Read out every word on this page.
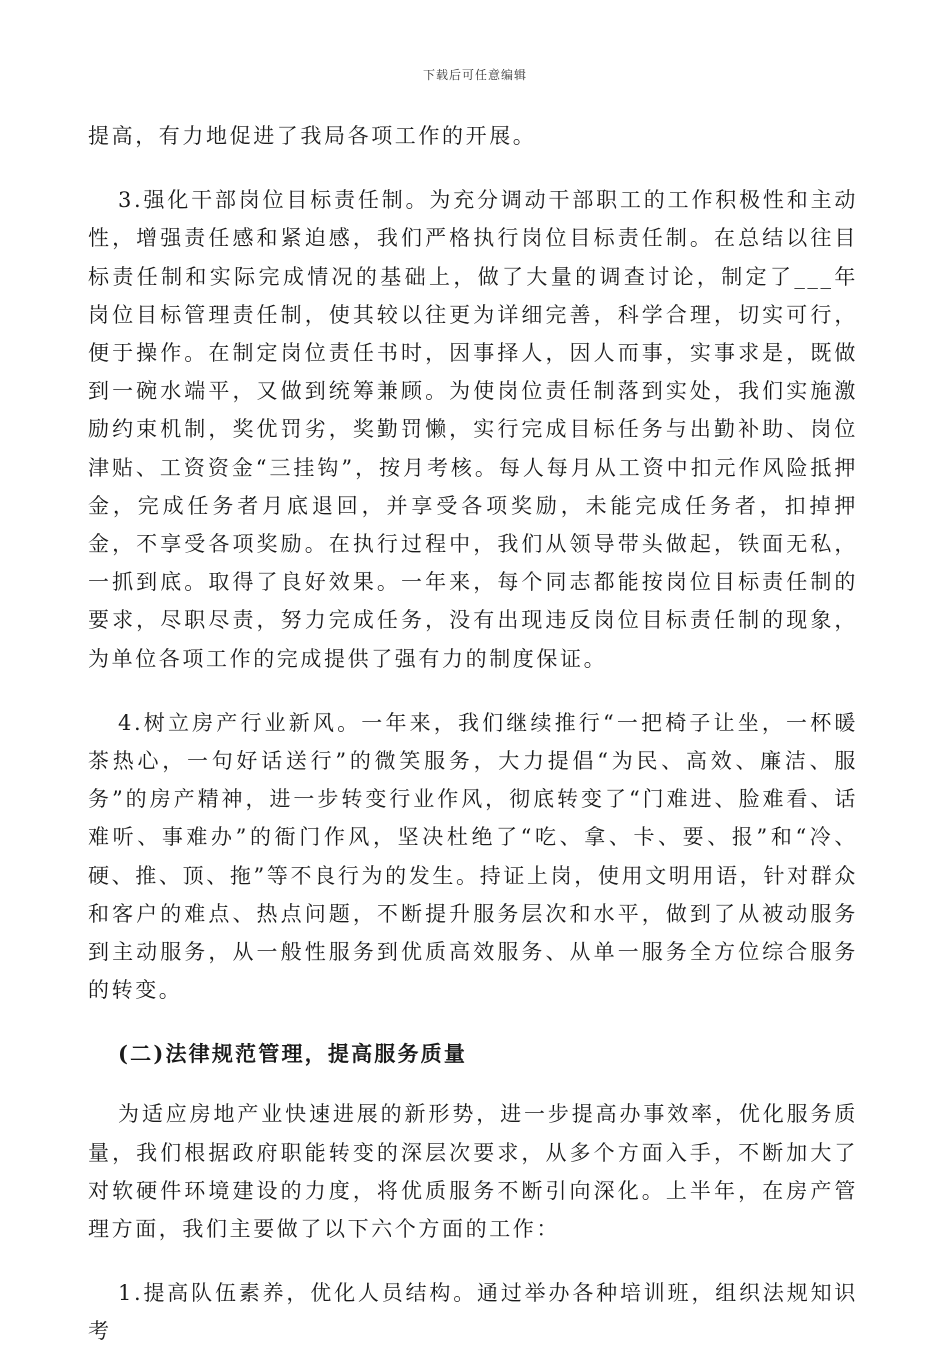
下载后可任意编辑

提高，有力地促进了我局各项工作的开展。

3.强化干部岗位目标责任制。为充分调动干部职工的工作积极性和主动性，增强责任感和紧迫感，我们严格执行岗位目标责任制。在总结以往目标责任制和实际完成情况的基础上，做了大量的调查讨论，制定了___年岗位目标管理责任制，使其较以往更为详细完善，科学合理，切实可行，便于操作。在制定岗位责任书时，因事择人，因人而事，实事求是，既做到一碗水端平，又做到统筹兼顾。为使岗位责任制落到实处，我们实施激励约束机制，奖优罚劣，奖勤罚懒，实行完成目标任务与出勤补助、岗位津贴、工资资金“三挂钩”，按月考核。每人每月从工资中扣元作风险抵押金，完成任务者月底退回，并享受各项奖励，未能完成任务者，扣掉押金，不享受各项奖励。在执行过程中，我们从领导带头做起，铁面无私，一抓到底。取得了良好效果。一年来，每个同志都能按岗位目标责任制的要求，尽职尽责，努力完成任务，没有出现违反岗位目标责任制的现象，为单位各项工作的完成提供了强有力的制度保证。

4.树立房产行业新风。一年来，我们继续推行“一把椅子让坐，一杯暖茶热心，一句好话送行”的微笑服务，大力提倡“为民、高效、廉洁、服务”的房产精神，进一步转变行业作风，彻底转变了“门难进、脸难看、话难听、事难办”的衙门作风，坚决杜绝了“吃、拿、卡、要、报”和“冷、硬、推、顶、拖”等不良行为的发生。持证上岗，使用文明用语，针对群众和客户的难点、热点问题，不断提升服务层次和水平，做到了从被动服务到主动服务，从一般性服务到优质高效服务、从单一服务全方位综合服务的转变。

(二)法律规范管理，提高服务质量

为适应房地产业快速进展的新形势，进一步提高办事效率，优化服务质量，我们根据政府职能转变的深层次要求，从多个方面入手，不断加大了对软硬件环境建设的力度，将优质服务不断引向深化。上半年，在房产管理方面，我们主要做了以下六个方面的工作：

1.提高队伍素养，优化人员结构。通过举办各种培训班，组织法规知识考
